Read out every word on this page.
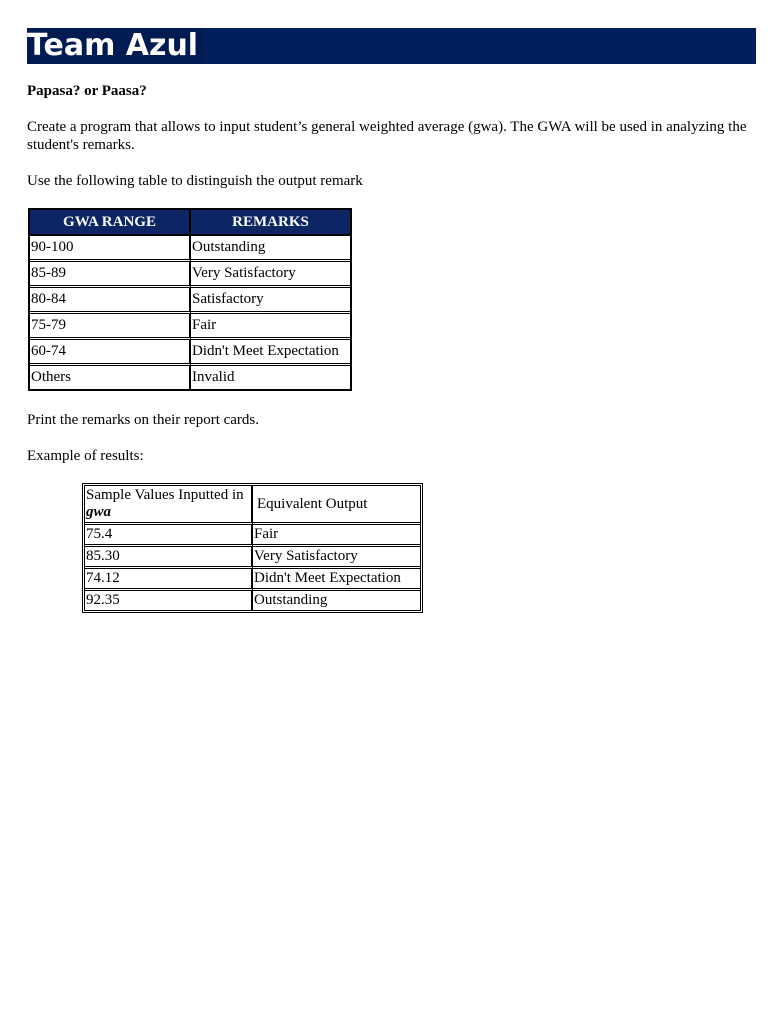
Team Azul
Papasa? or Paasa?
Create a program that allows to input student’s general weighted average (gwa). The GWA will be used in analyzing the student's remarks.
Use the following table to distinguish the output remark
GWA RANGE	REMARKS
90-100	Outstanding
85-89	Very Satisfactory
80-84	Satisfactory
75-79	Fair
60-74	Didn't Meet Expectation
Others	Invalid
Print the remarks on their report cards.
Example of results:
Sample Values Inputted in
gwa	Equivalent Output
75.4	Fair
85.30	Very Satisfactory
74.12	Didn't Meet Expectation
92.35	Outstanding
